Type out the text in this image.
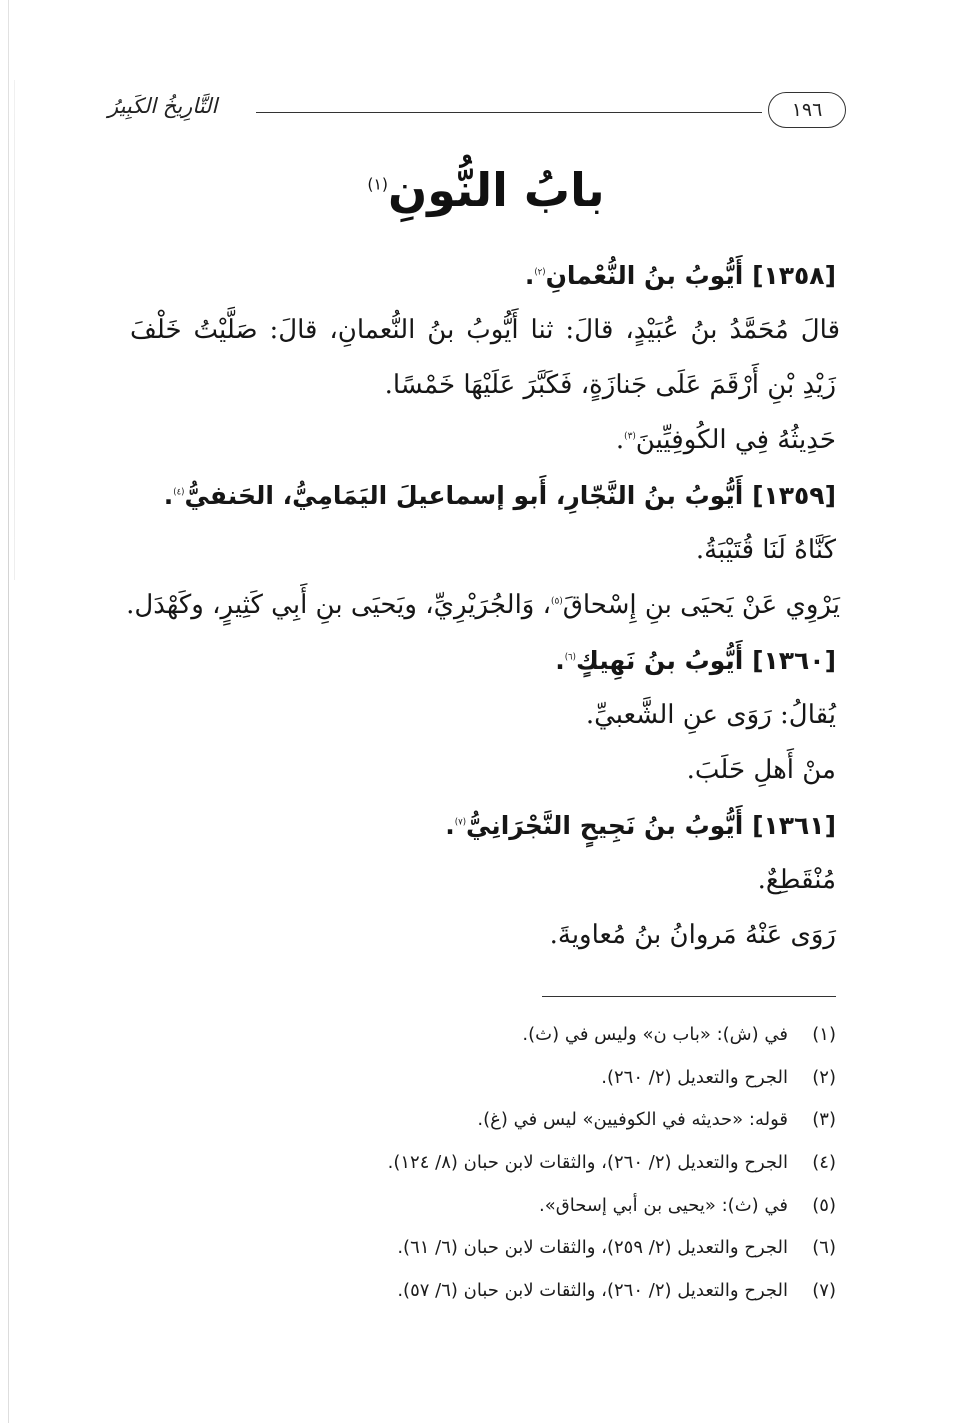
التَّارِيخُ الكَبِيرُ	١٩٦
بابُ النُّونِ$^{(١)}$
[١٣٥٨] أَيُّوبُ بنُ النُّعْمانِ$^{(٢)}$.
قالَ مُحَمَّدُ بنُ عُبَيْدٍ، قالَ: ثنا أَيُّوبُ بنُ النُّعمانِ، قالَ: صَلَّيْتُ خَلْفَ
زَيْدِ بْنِ أَرْقَمَ عَلَى جَنازَةٍ، فَكَبَّرَ عَلَيْهَا خَمْسًا.
حَدِيثُهُ فِي الكُوفِيِّينَ$^{(٣)}$.
[١٣٥٩] أَيُّوبُ بنُ النَّجّارِ، أَبو إسماعيلَ اليَمَامِيُّ، الحَنفيُّ$^{(٤)}$.
كَنَّاهُ لَنَا قُتَيْبَةُ.
يَرْوِي عَنْ يَحيَى بنِ إِسْحاقَ$^{(٥)}$، وَالجُرَيْرِيِّ، ويَحيَى بنِ أَبِي كَثِيرٍ، وكَهْدَل.
[١٣٦٠] أَيُّوبُ بنُ نَهِيكٍ$^{(٦)}$.
يُقالُ: رَوَى عنِ الشَّعبيِّ.
منْ أَهلِ حَلَبَ.
[١٣٦١] أَيُّوبُ بنُ نَجِيحٍ النَّجْرَانِيُّ$^{(٧)}$.
مُنْقَطِعٌ.
رَوَى عَنْهُ مَروانُ بنُ مُعاويةَ.
(١)في (ش): «باب ن» وليس في (ث).
(٢)الجرح والتعديل (٢/ ٢٦٠).
(٣)قوله: «حديثه في الكوفيين» ليس في (غ).
(٤)الجرح والتعديل (٢/ ٢٦٠)، والثقات لابن حبان (٨/ ١٢٤).
(٥)في (ث): «يحيى بن أبي إسحاق».
(٦)الجرح والتعديل (٢/ ٢٥٩)، والثقات لابن حبان (٦/ ٦١).
(٧)الجرح والتعديل (٢/ ٢٦٠)، والثقات لابن حبان (٦/ ٥٧).
